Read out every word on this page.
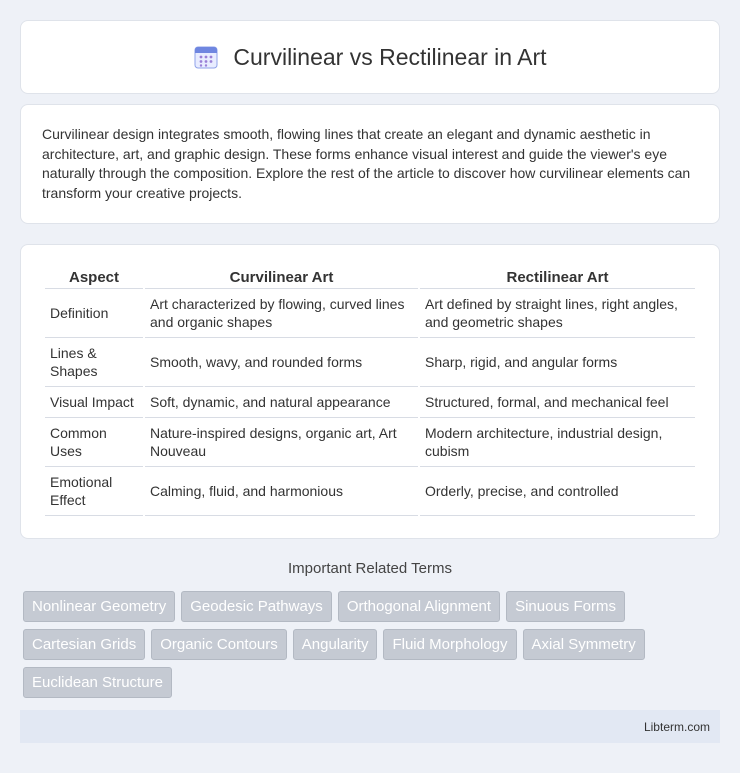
Curvilinear vs Rectilinear in Art

Curvilinear design integrates smooth, flowing lines that create an elegant and dynamic aesthetic in architecture, art, and graphic design. These forms enhance visual interest and guide the viewer's eye naturally through the composition. Explore the rest of the article to discover how curvilinear elements can transform your creative projects.

Aspect	Curvilinear Art	Rectilinear Art
Definition	Art characterized by flowing, curved lines and organic shapes	Art defined by straight lines, right angles, and geometric shapes
Lines & Shapes	Smooth, wavy, and rounded forms	Sharp, rigid, and angular forms
Visual Impact	Soft, dynamic, and natural appearance	Structured, formal, and mechanical feel
Common Uses	Nature-inspired designs, organic art, Art Nouveau	Modern architecture, industrial design, cubism
Emotional Effect	Calming, fluid, and harmonious	Orderly, precise, and controlled
Important Related Terms
Nonlinear Geometry	Geodesic Pathways	Orthogonal Alignment	Sinuous Forms
Cartesian Grids	Organic Contours	Angularity	Fluid Morphology	Axial Symmetry
Euclidean Structure
Libterm.com
